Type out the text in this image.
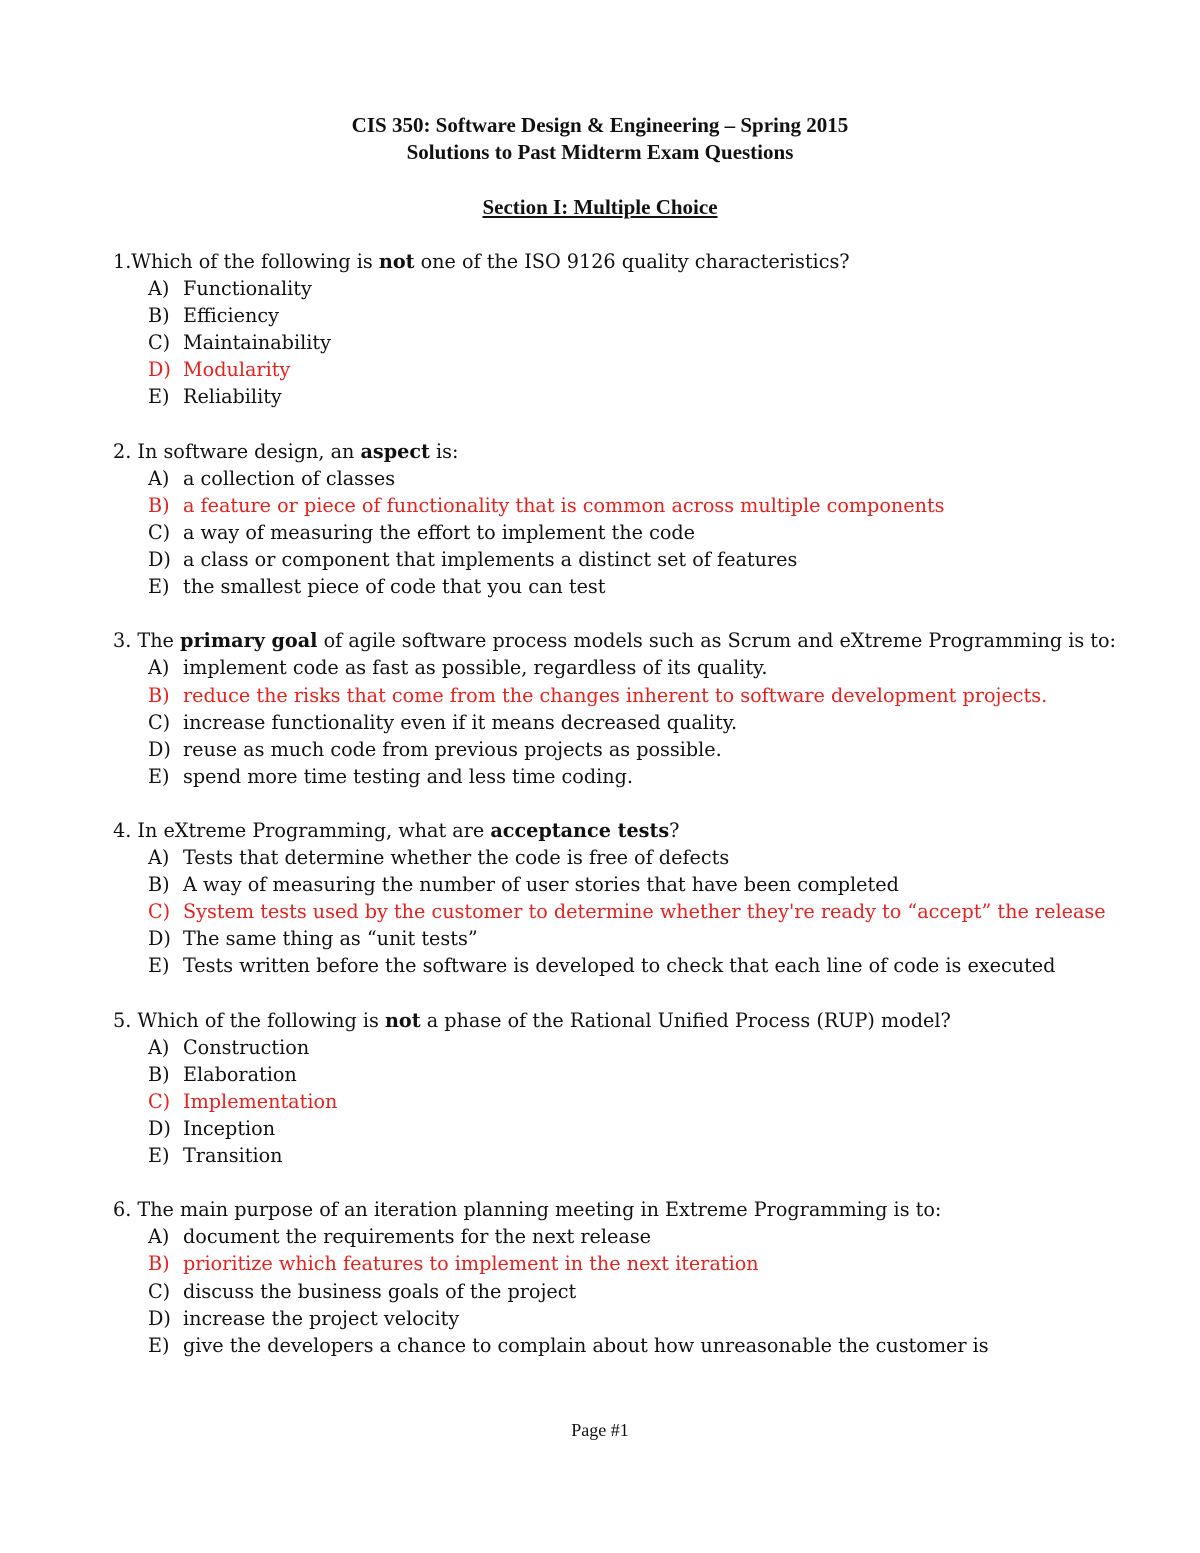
CIS 350: Software Design & Engineering – Spring 2015
Solutions to Past Midterm Exam Questions
Section I: Multiple Choice
1.Which of the following is not one of the ISO 9126 quality characteristics?
A) Functionality
B) Efficiency
C) Maintainability
D) Modularity
E) Reliability
2. In software design, an aspect is:
A) a collection of classes
B) a feature or piece of functionality that is common across multiple components
C) a way of measuring the effort to implement the code
D) a class or component that implements a distinct set of features
E) the smallest piece of code that you can test
3. The primary goal of agile software process models such as Scrum and eXtreme Programming is to:
A) implement code as fast as possible, regardless of its quality.
B) reduce the risks that come from the changes inherent to software development projects.
C) increase functionality even if it means decreased quality.
D) reuse as much code from previous projects as possible.
E) spend more time testing and less time coding.
4. In eXtreme Programming, what are acceptance tests?
A) Tests that determine whether the code is free of defects
B) A way of measuring the number of user stories that have been completed
C) System tests used by the customer to determine whether they're ready to “accept” the release
D) The same thing as “unit tests”
E) Tests written before the software is developed to check that each line of code is executed
5. Which of the following is not a phase of the Rational Unified Process (RUP) model?
A) Construction
B) Elaboration
C) Implementation
D) Inception
E) Transition
6. The main purpose of an iteration planning meeting in Extreme Programming is to:
A) document the requirements for the next release
B) prioritize which features to implement in the next iteration
C) discuss the business goals of the project
D) increase the project velocity
E) give the developers a chance to complain about how unreasonable the customer is
Page #1
